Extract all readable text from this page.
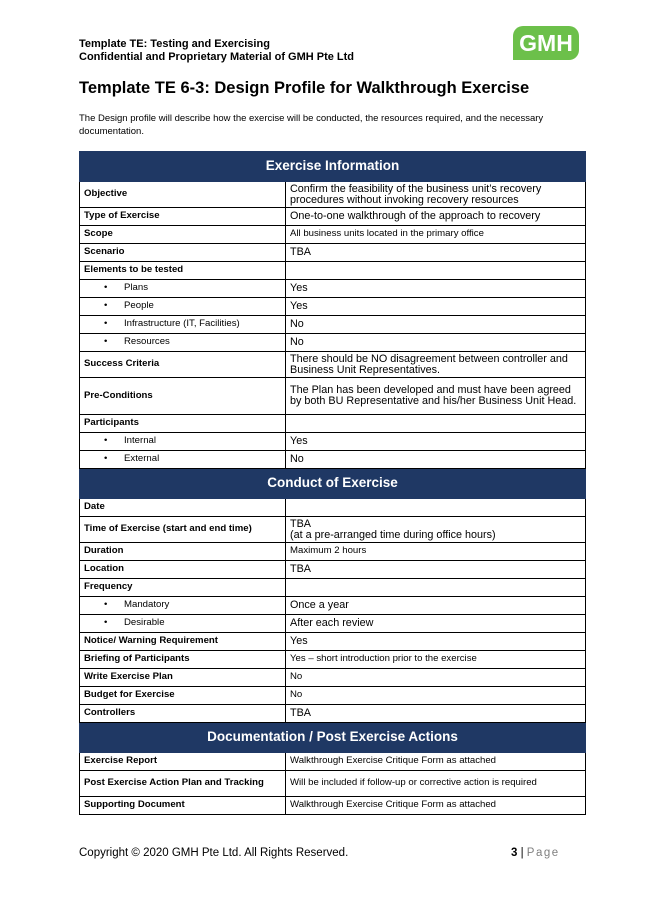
Template TE: Testing and Exercising
Confidential and Proprietary Material of GMH Pte Ltd
GMH
Template TE 6-3: Design Profile for Walkthrough Exercise
The Design profile will describe how the exercise will be conducted, the resources required, and the necessary documentation.
Exercise Information	
Objective	Confirm the feasibility of the business unit’s recovery procedures without invoking recovery resources
Type of Exercise	One-to-one walkthrough of the approach to recovery
Scope	All business units located in the primary office
Scenario	TBA
Elements to be tested	
• Plans	Yes
• People	Yes
• Infrastructure (IT, Facilities)	No
• Resources	No
Success Criteria	There should be NO disagreement between controller and Business Unit Representatives.
Pre-Conditions	The Plan has been developed and must have been agreed by both BU Representative and his/her Business Unit Head.
Participants	
• Internal	Yes
• External	No
Conduct of Exercise	
Date	
Time of Exercise (start and end time)	TBA
(at a pre-arranged time during office hours)
Duration	Maximum 2 hours
Location	TBA
Frequency	
• Mandatory	Once a year
• Desirable	After each review
Notice/ Warning Requirement	Yes
Briefing of Participants	Yes – short introduction prior to the exercise
Write Exercise Plan	No
Budget for Exercise	No
Controllers	TBA
Documentation / Post Exercise Actions	
Exercise Report	Walkthrough Exercise Critique Form as attached
Post Exercise Action Plan and Tracking	Will be included if follow-up or corrective action is required
Supporting Document	Walkthrough Exercise Critique Form as attached
Copyright © 2020 GMH Pte Ltd. All Rights Reserved.	3 | Page
